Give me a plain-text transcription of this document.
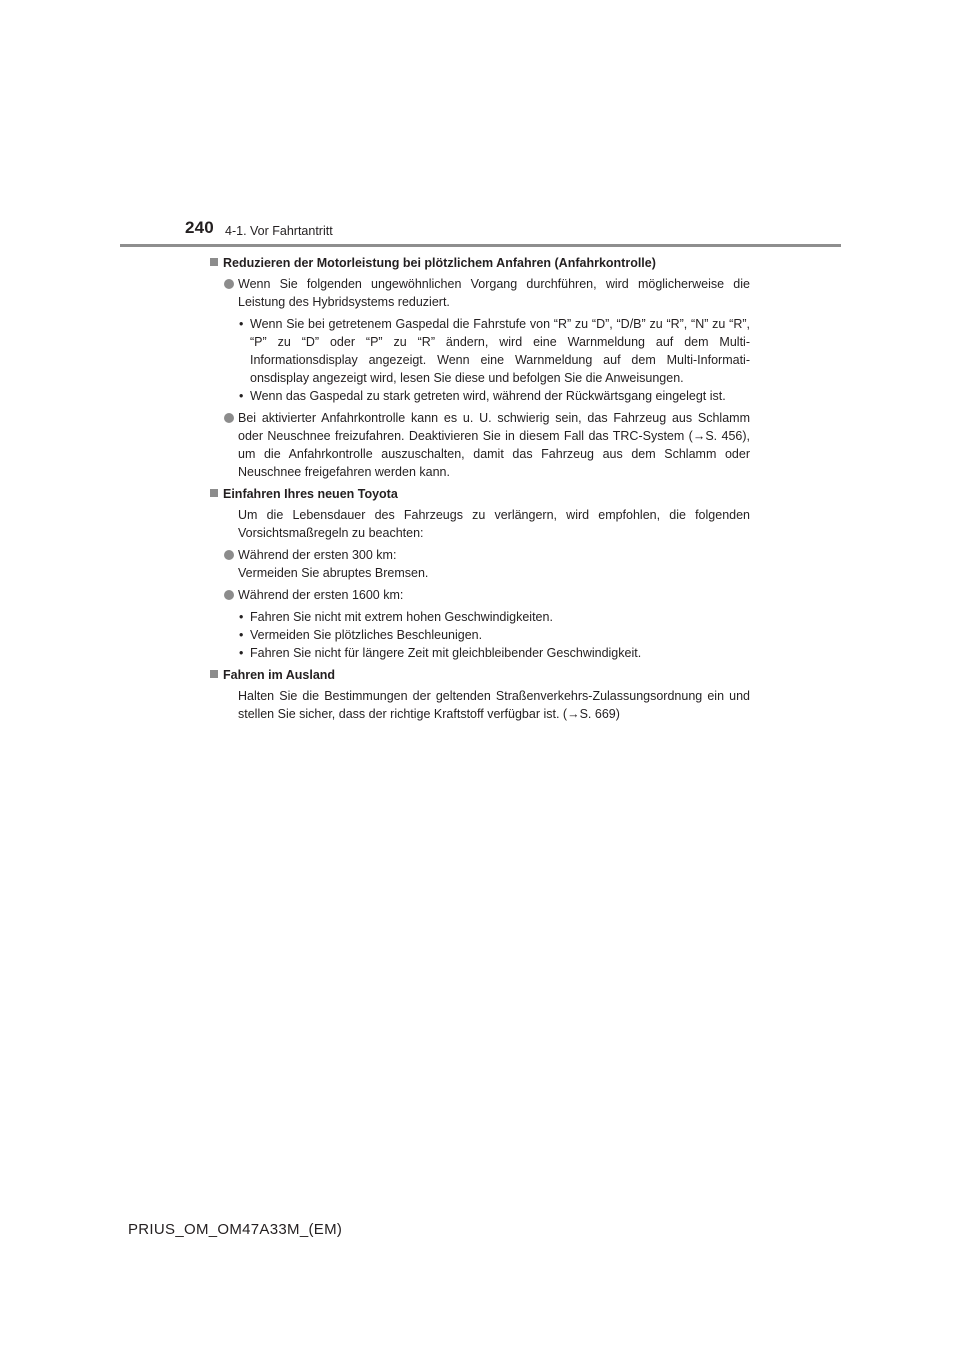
240 4-1. Vor Fahrtantritt
Reduzieren der Motorleistung bei plötzlichem Anfahren (Anfahrkontrolle)
Wenn Sie folgenden ungewöhnlichen Vorgang durchführen, wird möglicherweise die Leistung des Hybridsystems reduziert.
• Wenn Sie bei getretenem Gaspedal die Fahrstufe von “R” zu “D”, “D/B” zu “R”, “N” zu “R”, “P” zu “D” oder “P” zu “R” ändern, wird eine Warnmeldung auf dem Multi-Informationsdisplay angezeigt. Wenn eine Warnmeldung auf dem Multi-Informationsdisplay angezeigt wird, lesen Sie diese und befolgen Sie die Anweisungen.
• Wenn das Gaspedal zu stark getreten wird, während der Rückwärtsgang eingelegt ist.
Bei aktivierter Anfahrkontrolle kann es u. U. schwierig sein, das Fahrzeug aus Schlamm oder Neuschnee freizufahren. Deaktivieren Sie in diesem Fall das TRC-System (→S. 456), um die Anfahrkontrolle auszuschalten, damit das Fahrzeug aus dem Schlamm oder Neuschnee freigefahren werden kann.
Einfahren Ihres neuen Toyota
Um die Lebensdauer des Fahrzeugs zu verlängern, wird empfohlen, die folgenden Vorsichtsmaßregeln zu beachten:
Während der ersten 300 km:
Vermeiden Sie abruptes Bremsen.
Während der ersten 1600 km:
• Fahren Sie nicht mit extrem hohen Geschwindigkeiten.
• Vermeiden Sie plötzliches Beschleunigen.
• Fahren Sie nicht für längere Zeit mit gleichbleibender Geschwindigkeit.
Fahren im Ausland
Halten Sie die Bestimmungen der geltenden Straßenverkehrs-Zulassungsordnung ein und stellen Sie sicher, dass der richtige Kraftstoff verfügbar ist. (→S. 669)
PRIUS_OM_OM47A33M_(EM)
